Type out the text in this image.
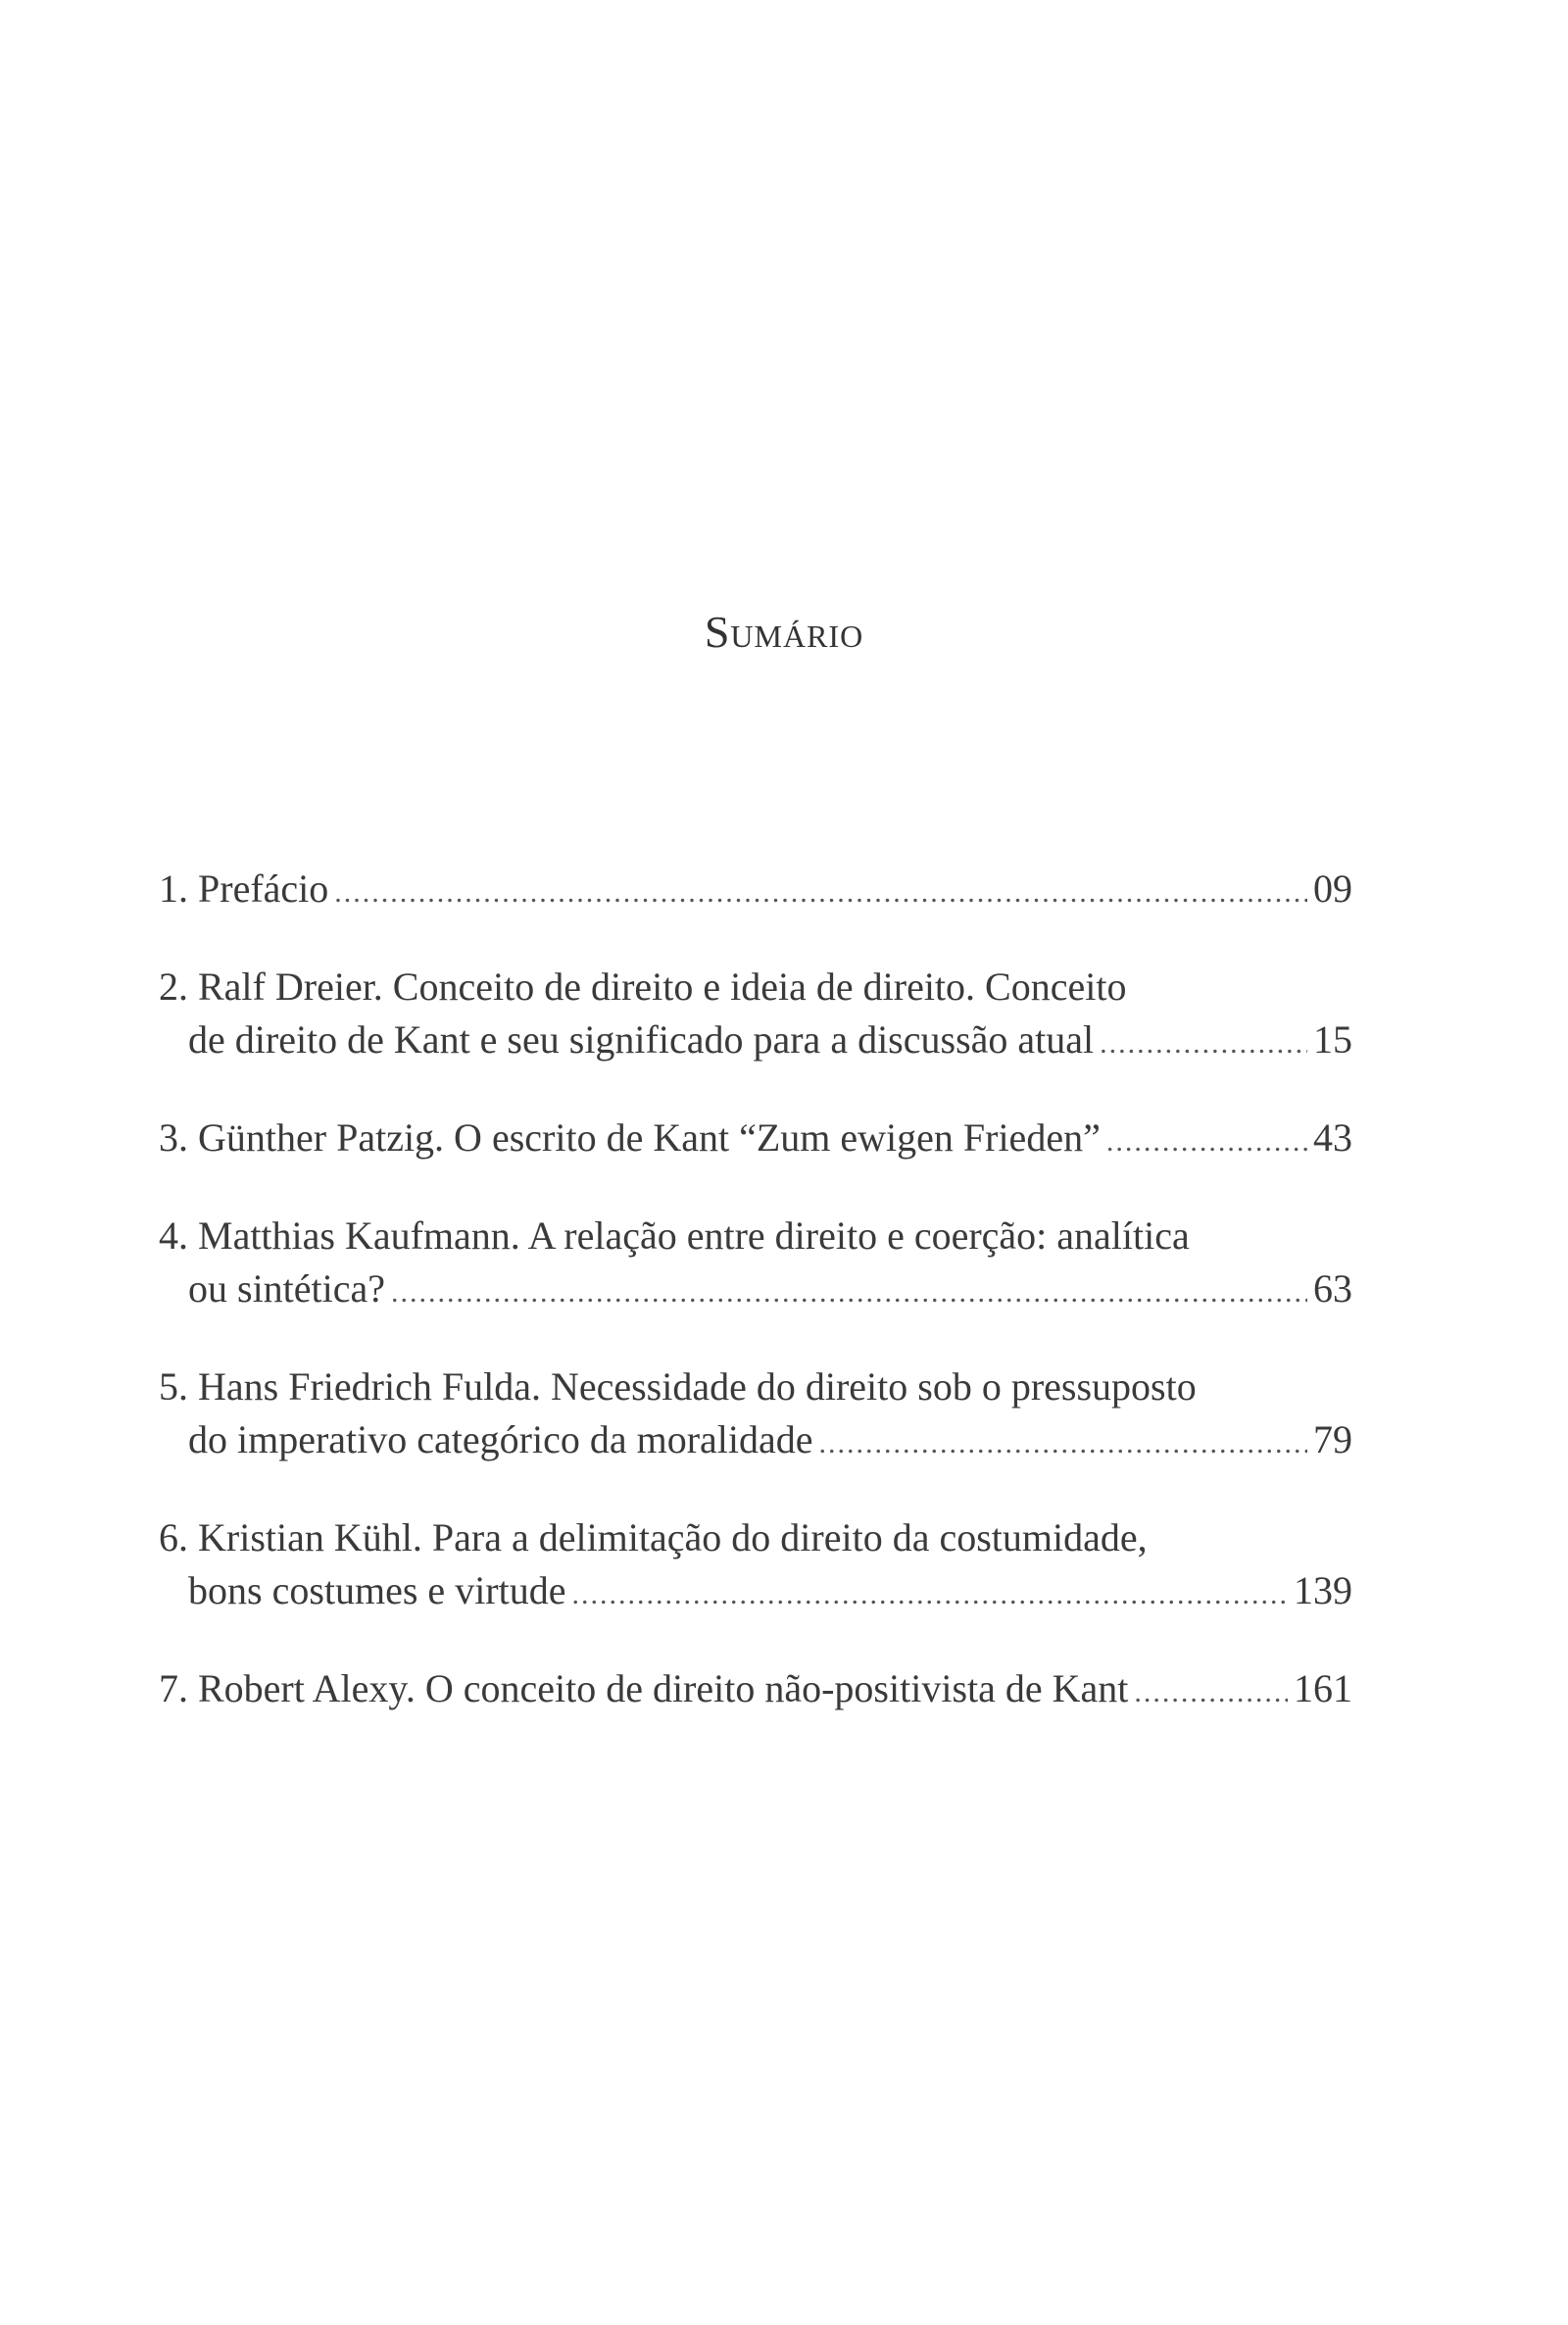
Sumário
1. Prefácio .....	09
2. Ralf Dreier. Conceito de direito e ideia de direito. Conceito
de direito de Kant e seu significado para a discussão atual .....	15
3. Günther Patzig. O escrito de Kant “Zum ewigen Frieden” .....	43
4. Matthias Kaufmann. A relação entre direito e coerção: analítica
ou sintética? .....	63
5. Hans Friedrich Fulda. Necessidade do direito sob o pressuposto
do imperativo categórico da moralidade .....	79
6. Kristian Kühl. Para a delimitação do direito da costumidade,
bons costumes e virtude .....	139
7. Robert Alexy. O conceito de direito não-positivista de Kant .....	161
